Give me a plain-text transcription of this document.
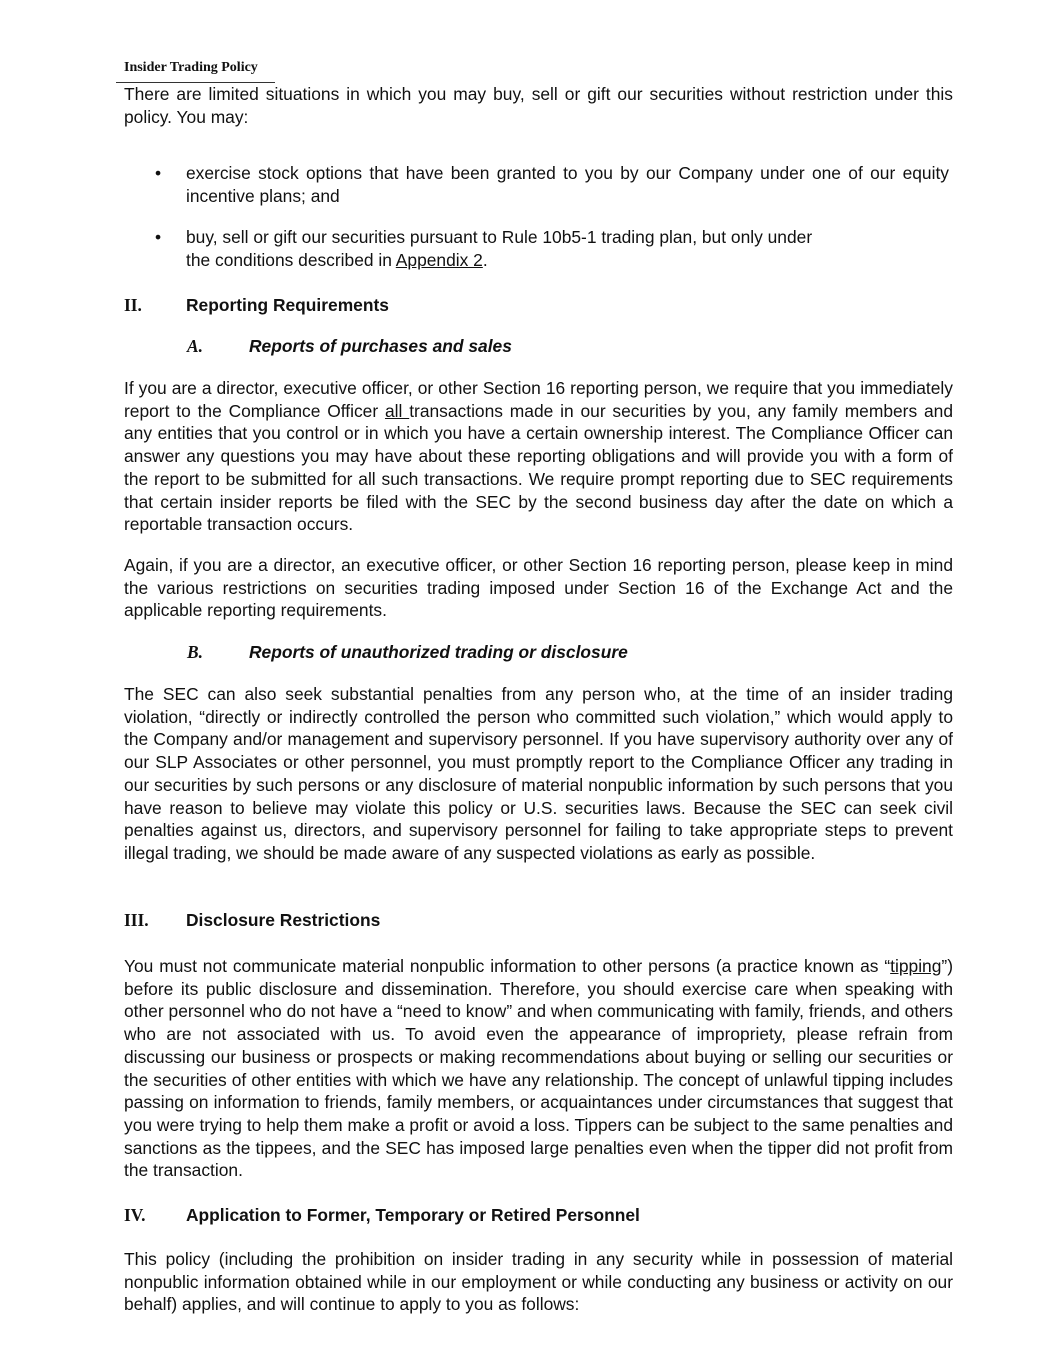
Insider Trading Policy
There are limited situations in which you may buy, sell or gift our securities without restriction under this policy. You may:
• exercise stock options that have been granted to you by our Company under one of our equity incentive plans; and
• buy, sell or gift our securities pursuant to Rule 10b5-1 trading plan, but only under
the conditions described in Appendix 2.
II.	Reporting Requirements
A.	Reports of purchases and sales
If you are a director, executive officer, or other Section 16 reporting person, we require that you immediately report to the Compliance Officer all transactions made in our securities by you, any family members and any entities that you control or in which you have a certain ownership interest. The Compliance Officer can answer any questions you may have about these reporting obligations and will provide you with a form of the report to be submitted for all such transactions. We require prompt reporting due to SEC requirements that certain insider reports be filed with the SEC by the second business day after the date on which a reportable transaction occurs.
Again, if you are a director, an executive officer, or other Section 16 reporting person, please keep in mind the various restrictions on securities trading imposed under Section 16 of the Exchange Act and the applicable reporting requirements.
B.	Reports of unauthorized trading or disclosure
The SEC can also seek substantial penalties from any person who, at the time of an insider trading violation, “directly or indirectly controlled the person who committed such violation,” which would apply to the Company and/or management and supervisory personnel. If you have supervisory authority over any of our SLP Associates or other personnel, you must promptly report to the Compliance Officer any trading in our securities by such persons or any disclosure of material nonpublic information by such persons that you have reason to believe may violate this policy or U.S. securities laws. Because the SEC can seek civil penalties against us, directors, and supervisory personnel for failing to take appropriate steps to prevent illegal trading, we should be made aware of any suspected violations as early as possible.
III. Disclosure Restrictions
You must not communicate material nonpublic information to other persons (a practice known as “tipping”) before its public disclosure and dissemination. Therefore, you should exercise care when speaking with other personnel who do not have a “need to know” and when communicating with family, friends, and others who are not associated with us. To avoid even the appearance of impropriety, please refrain from discussing our business or prospects or making recommendations about buying or selling our securities or the securities of other entities with which we have any relationship. The concept of unlawful tipping includes passing on information to friends, family members, or acquaintances under circumstances that suggest that you were trying to help them make a profit or avoid a loss. Tippers can be subject to the same penalties and sanctions as the tippees, and the SEC has imposed large penalties even when the tipper did not profit from the transaction.
IV. Application to Former, Temporary or Retired Personnel
This policy (including the prohibition on insider trading in any security while in possession of material nonpublic information obtained while in our employment or while conducting any business or activity on our behalf) applies, and will continue to apply to you as follows:
